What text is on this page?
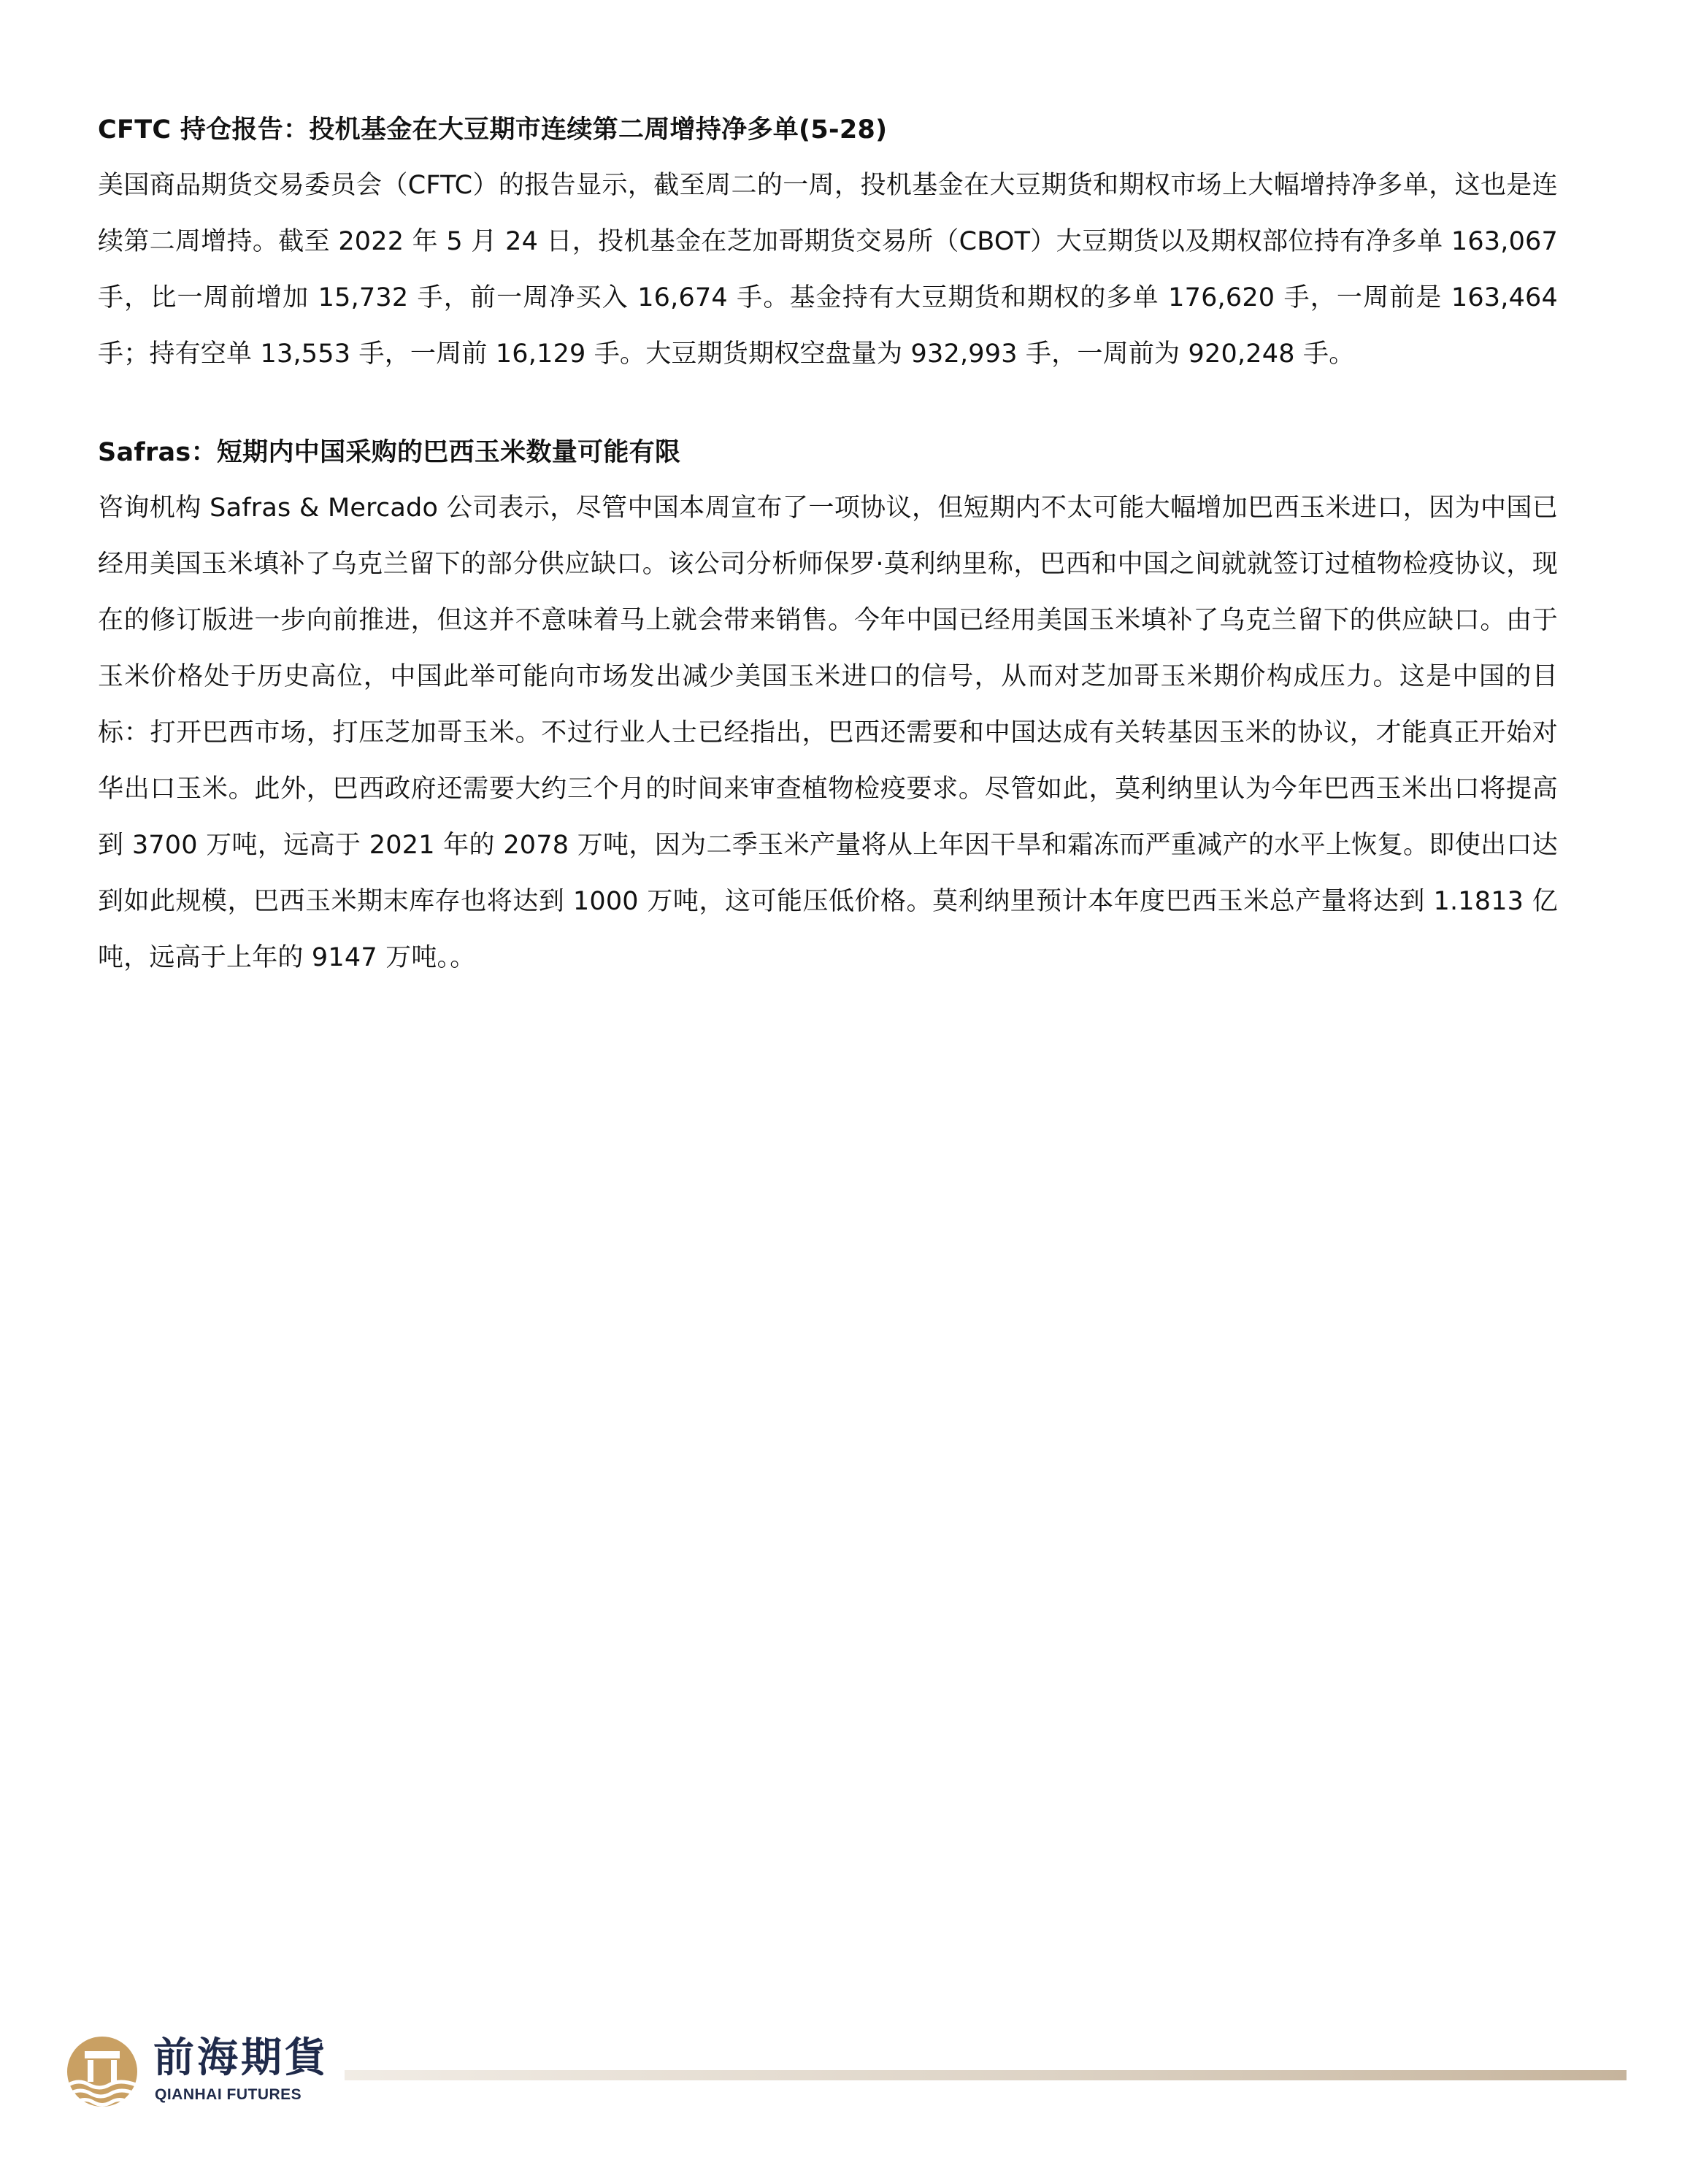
CFTC 持仓报告：投机基金在大豆期市连续第二周增持净多单(5-28)

美国商品期货交易委员会（CFTC）的报告显示，截至周二的一周，投机基金在大豆期货和期权市场上大幅增持净多单，这也是连续第二周增持。截至 2022 年 5 月 24 日，投机基金在芝加哥期货交易所（CBOT）大豆期货以及期权部位持有净多单 163,067 手，比一周前增加 15,732 手，前一周净买入 16,674 手。基金持有大豆期货和期权的多单 176,620 手，一周前是 163,464 手；持有空单 13,553 手，一周前 16,129 手。大豆期货期权空盘量为 932,993 手，一周前为 920,248 手。

Safras：短期内中国采购的巴西玉米数量可能有限

咨询机构 Safras & Mercado 公司表示，尽管中国本周宣布了一项协议，但短期内不太可能大幅增加巴西玉米进口，因为中国已经用美国玉米填补了乌克兰留下的部分供应缺口。该公司分析师保罗·莫利纳里称，巴西和中国之间就就签订过植物检疫协议，现在的修订版进一步向前推进，但这并不意味着马上就会带来销售。今年中国已经用美国玉米填补了乌克兰留下的供应缺口。由于玉米价格处于历史高位，中国此举可能向市场发出减少美国玉米进口的信号，从而对芝加哥玉米期价构成压力。这是中国的目标：打开巴西市场，打压芝加哥玉米。不过行业人士已经指出，巴西还需要和中国达成有关转基因玉米的协议，才能真正开始对华出口玉米。此外，巴西政府还需要大约三个月的时间来审查植物检疫要求。尽管如此，莫利纳里认为今年巴西玉米出口将提高到 3700 万吨，远高于 2021 年的 2078 万吨，因为二季玉米产量将从上年因干旱和霜冻而严重减产的水平上恢复。即使出口达到如此规模，巴西玉米期末库存也将达到 1000 万吨，这可能压低价格。莫利纳里预计本年度巴西玉米总产量将达到 1.1813 亿吨，远高于上年的 9147 万吨。。

前海期貨
QIANHAI FUTURES
